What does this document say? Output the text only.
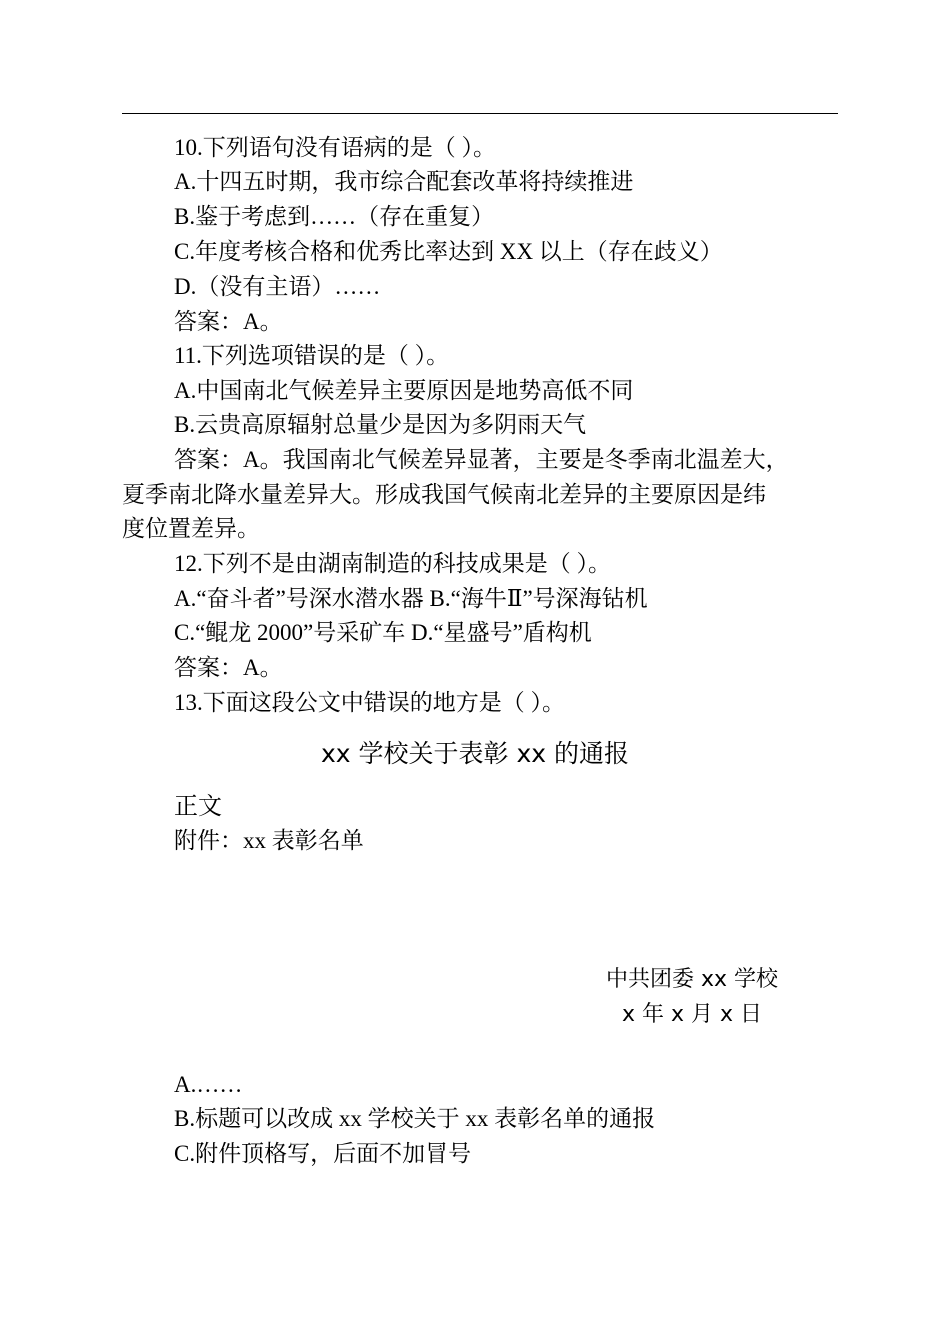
10.下列语句没有语病的是（ ）。
A.十四五时期，我市综合配套改革将持续推进
B.鉴于考虑到……（存在重复）
C.年度考核合格和优秀比率达到 XX 以上（存在歧义）
D.（没有主语）……
答案：A。
11.下列选项错误的是（ ）。
A.中国南北气候差异主要原因是地势高低不同
B.云贵高原辐射总量少是因为多阴雨天气
答案：A。我国南北气候差异显著，主要是冬季南北温差大，
夏季南北降水量差异大。形成我国气候南北差异的主要原因是纬
度位置差异。
12.下列不是由湖南制造的科技成果是（ ）。
A.“奋斗者”号深水潜水器 B.“海牛Ⅱ”号深海钻机
C.“鲲龙 2000”号采矿车 D.“星盛号”盾构机
答案：A。
13.下面这段公文中错误的地方是（ ）。
xx 学校关于表彰 xx 的通报
正文
附件：xx 表彰名单
中共团委 xx 学校
x 年 x 月 x 日
A.……
B.标题可以改成 xx 学校关于 xx 表彰名单的通报
C.附件顶格写，后面不加冒号
